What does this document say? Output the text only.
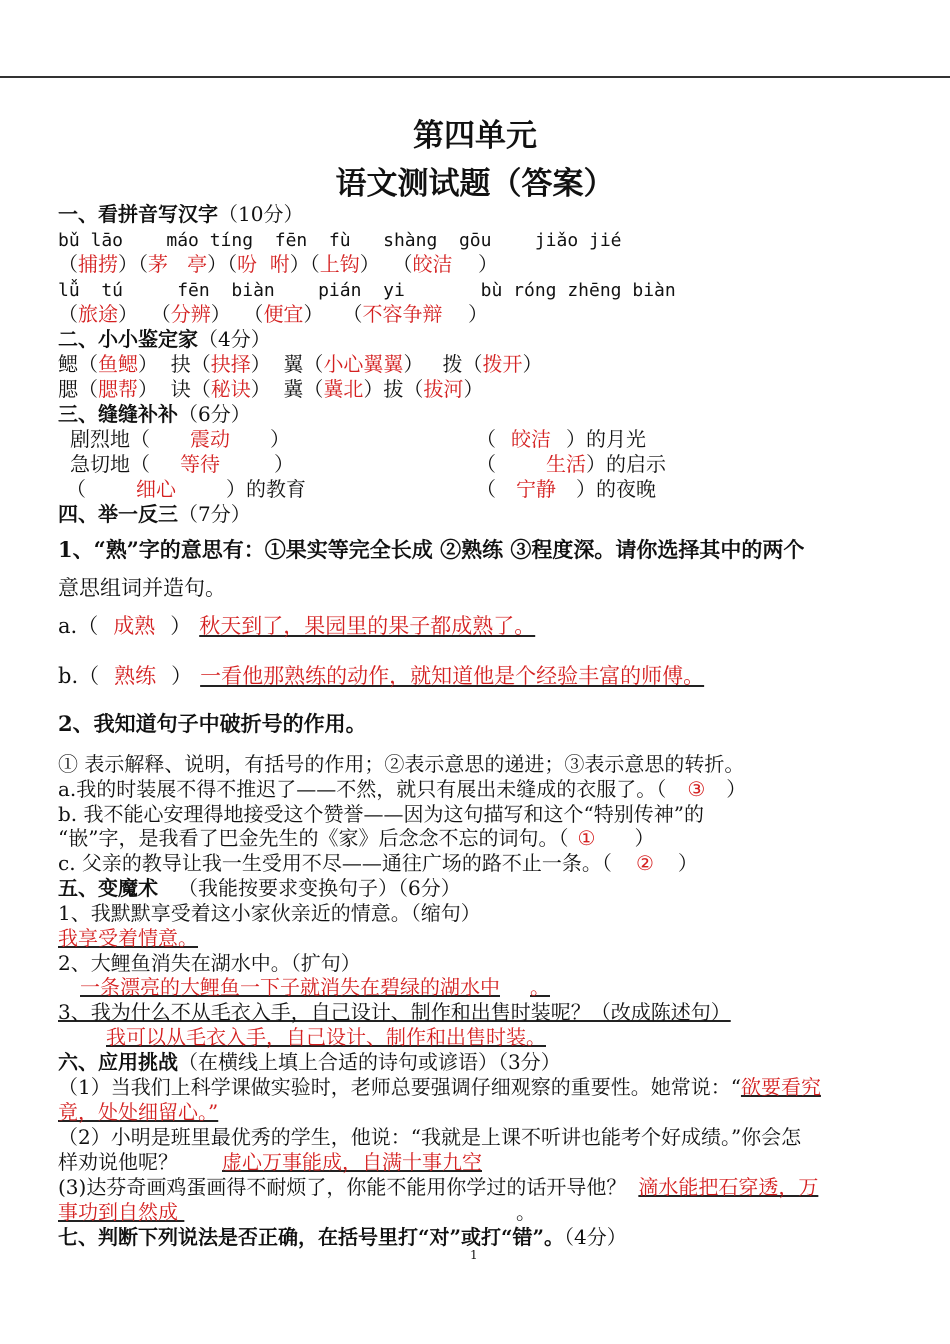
第四单元
语文测试题（答案）
一、看拼音写汉字（10分）
bǔ lāo    máo tíng  fēn  fù   shàng  gōu    jiǎo jié
（捕捞）（茅 亭）（吩 咐）（上钩）  （皎洁    ）
lǚ  tú     fēn  biàn    pián  yi       bù róng zhēng biàn
（旅途）  （分辨）  （便宜）   （不容争辩    ）
二、小小鉴定家（4分）
鳃（鱼鳃）  抉（抉择）  翼（小心翼翼）   拨（拨开）
腮（腮帮）  诀（秘诀）  冀（冀北）拔（拔河）
三、缝缝补补（6分）
剧烈地（ 震动 ）	（ 皎洁 ）的月光
急切地（ 等待	）	（	生活）的启示
（	细心	）的教育	（ 宁静 ）的夜晚
四、举一反三（7分）
1、“熟”字的意思有：①果实等完全长成 ②熟练 ③程度深。请你选择其中的两个
意思组词并造句。
a.（ 成熟 ） 秋天到了，果园里的果子都成熟了。
b.（ 熟练 ） 一看他那熟练的动作，就知道他是个经验丰富的师傅。
2、我知道句子中破折号的作用。
① 表示解释、说明，有括号的作用；②表示意思的递进；③表示意思的转折。
a.我的时装展不得不推迟了——不然，就只有展出未缝成的衣服了。（ ③ ）
b. 我不能心安理得地接受这个赞誉——因为这句描写和这个“特别传神”的
“嵌”字，是我看了巴金先生的《家》后念念不忘的词句。（ ① ）
c. 父亲的教导让我一生受用不尽——通往广场的路不止一条。（ ② ）
五、变魔术 （我能按要求变换句子）（6分）
1、我默默享受着这小家伙亲近的情意。（缩句）
我享受着情意。
2、大鲤鱼消失在湖水中。（扩句）
一条漂亮的大鲤鱼一下子就消失在碧绿的湖水中 。
3、我为什么不从毛衣入手，自己设计、制作和出售时装呢？（改成陈述句）
我可以从毛衣入手，自己设计、制作和出售时装。
六、应用挑战（在横线上填上合适的诗句或谚语）（3分）
（1）当我们上科学课做实验时，老师总要强调仔细观察的重要性。她常说：“欲要看究
竟，处处细留心。”
（2）小明是班里最优秀的学生，他说：“我就是上课不听讲也能考个好成绩。”你会怎
样劝说他呢？ 虚心万事能成，自满十事九空
(3)达芬奇画鸡蛋画得不耐烦了，你能不能用你学过的话开导他？ 滴水能把石穿透，万
事功到自然成	。
七、判断下列说法是否正确，在括号里打“对”或打“错”。（4分）
1
